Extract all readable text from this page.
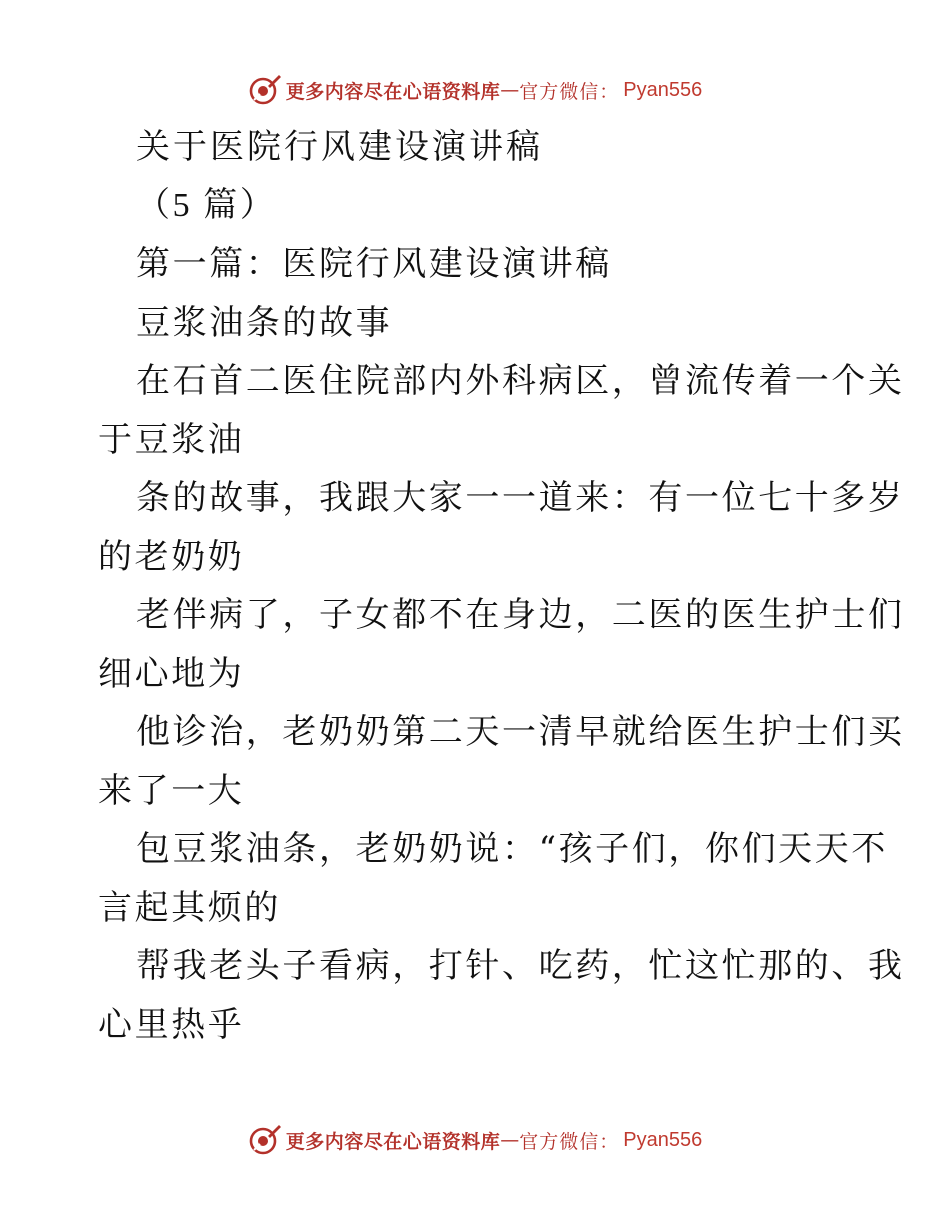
更多内容尽在心语资料库 — 官方微信： Pyan556
关于医院行风建设演讲稿
（5 篇）
第一篇：医院行风建设演讲稿
豆浆油条的故事
在石首二医住院部内外科病区，曾流传着一个关
于豆浆油
条的故事，我跟大家一一道来：有一位七十多岁
的老奶奶
老伴病了，子女都不在身边，二医的医生护士们
细心地为
他诊治，老奶奶第二天一清早就给医生护士们买
来了一大
包豆浆油条，老奶奶说：“孩子们，你们天天不
言起其烦的
帮我老头子看病，打针、吃药，忙这忙那的、我
心里热乎
更多内容尽在心语资料库 — 官方微信： Pyan556
